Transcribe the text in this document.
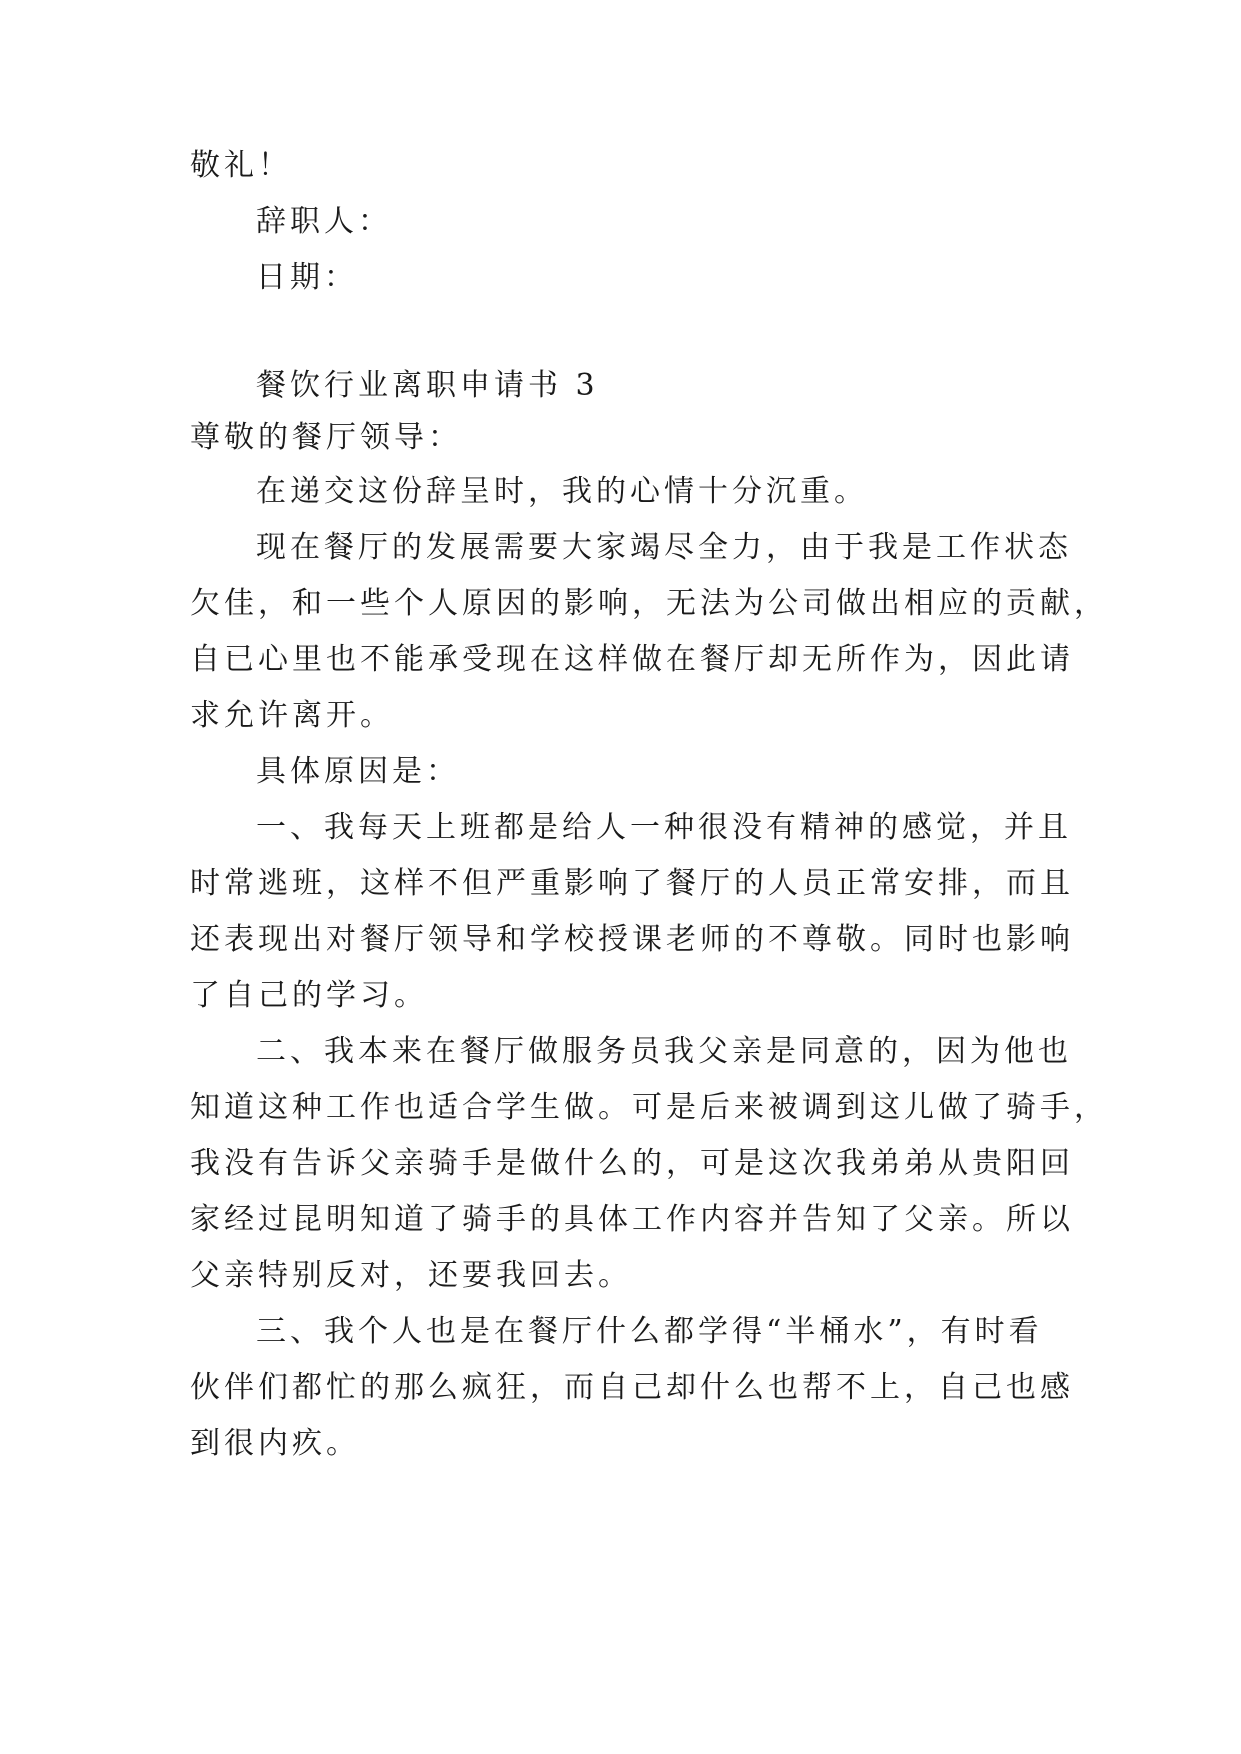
敬礼！
辞职人：
日期：
餐饮行业离职申请书 3
尊敬的餐厅领导：
在递交这份辞呈时，我的心情十分沉重。
现在餐厅的发展需要大家竭尽全力，由于我是工作状态
欠佳，和一些个人原因的影响，无法为公司做出相应的贡献，
自已心里也不能承受现在这样做在餐厅却无所作为，因此请
求允许离开。
具体原因是：
一、我每天上班都是给人一种很没有精神的感觉，并且
时常逃班，这样不但严重影响了餐厅的人员正常安排，而且
还表现出对餐厅领导和学校授课老师的不尊敬。同时也影响
了自己的学习。
二、我本来在餐厅做服务员我父亲是同意的，因为他也
知道这种工作也适合学生做。可是后来被调到这儿做了骑手，
我没有告诉父亲骑手是做什么的，可是这次我弟弟从贵阳回
家经过昆明知道了骑手的具体工作内容并告知了父亲。所以
父亲特别反对，还要我回去。
三、我个人也是在餐厅什么都学得“半桶水”，有时看
伙伴们都忙的那么疯狂，而自己却什么也帮不上，自己也感
到很内疚。
